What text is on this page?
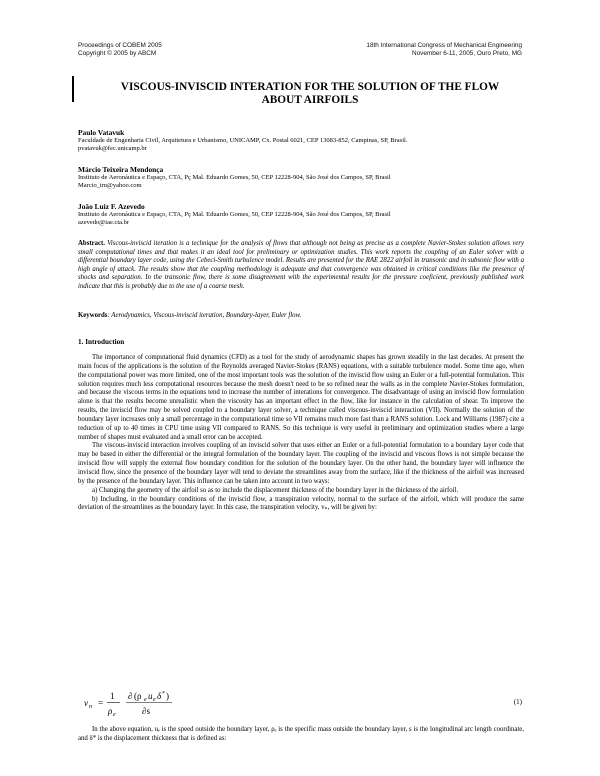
Proceedings of COBEM 2005
Copyright © 2005 by ABCM
18th International Congress of Mechanical Engineering
November 6-11, 2005, Ouro Preto, MG
VISCOUS-INVISCID INTERATION FOR THE SOLUTION OF THE FLOW
ABOUT AIRFOILS
Paulo Vatavuk
Faculdade de Engenharia Civil, Arquitetura e Urbanismo, UNICAMP, Cx. Postal 6021, CEP 13083-852, Campinas, SP, Brasil.
pvatavuk@fec.unicamp.br
Márcio Teixeira Mendonça
Instituto de Aeronáutica e Espaço, CTA, Pç Mal. Eduardo Gomes, 50, CEP 12228-904, São José dos Campos, SP, Brasil
Marcio_tm@yahoo.com
João Luiz F. Azevedo
Instituto de Aeronáutica e Espaço, CTA, Pç Mal. Eduardo Gomes, 50, CEP 12228-904, São José dos Campos, SP, Brasil
azevedo@iae.cta.br
Abstract. Viscous-inviscid iteration is a technique for the analysis of flows that although not being as precise as a complete Navier-Stokes solution allows very small computational times and that makes it an ideal tool for preliminary or optimization studies. This work reports the coupling of an Euler solver with a differential boundary layer code, using the Cebeci-Smith turbulence model. Results are presented for the RAE 2822 airfoil in transonic and in subsonic flow with a high angle of attack. The results show that the coupling methodology is adequate and that convergence was obtained in critical conditions like the presence of shocks and separation. In the transonic flow, there is some disagreement with the experimental results for the pressure coeficient, previously published work indicate that this is probably due to the use of a coarse mesh.
Keywords: Aerodynamics, Viscous-inviscid iteration, Boundary-layer, Euler flow.
1. Introduction

The importance of computational fluid dynamics (CFD) as a tool for the study of aerodynamic shapes has grown steadily in the last decades. At present the main focus of the applications is the solution of the Reynolds averaged Navier-Stokes (RANS) equations, with a suitable turbulence model. Some time ago, when the computational power was more limited, one of the most important tools was the solution of the inviscid flow using an Euler or a full-potential formulation. This solution requires much less computational resources because the mesh doesn't need to be so refined near the walls as in the complete Navier-Stokes formulation, and because the viscous terms in the equations tend to increase the number of interations for convergence. The disadvantage of using an inviscid flow formulation alone is that the results become unrealistic when the viscosity has an important effect in the flow, like for instance in the calculation of shear. To improve the results, the inviscid flow may be solved coupled to a boundary layer solver, a technique called viscous-inviscid interaction (VII). Normally the solution of the boundary layer increases only a small percentage in the computational time so VII remains much more fast than a RANS solution. Lock and Williams (1987) cite a reduction of up to 40 times in CPU time using VII compared to RANS. So this technique is very useful in preliminary and optimization studies where a large number of shapes must evaluated and a small error can be accepted.

The viscous-inviscid interaction involves coupling of an inviscid solver that uses either an Euler or a full-potential formulation to a boundary layer code that may be based in either the differential or the integral formulation of the boundary layer. The coupling of the inviscid and viscous flows is not simple because the inviscid flow will supply the external flow boundary condition for the solution of the boundary layer. On the other hand, the boundary layer will influence the inviscid flow, since the presence of the boundary layer will tend to deviate the streamlines away from the surface, like if the thickness of the airfoil was increased by the presence of the boundary layer. This influence can be taken into account in two ways:

a) Changing the geometry of the airfoil so as to include the displacement thickness of the boundary layer in the thickness of the airfoil.

b) Including, in the boundary conditions of the inviscid flow, a transpiration velocity, normal to the surface of the airfoil, which will produce the same deviation of the streamlines as the boundary layer. In this case, the transpiration velocity, vₙ, will be given by:

v n =
1
ρ e
∂ (ρ e u e δ * )
∂s
(1)

In the above equation, uₑ is the speed outside the boundary layer, ρₑ is the specific mass outside the boundary layer, s is the longitudinal arc length coordinate, and δ* is the displacement thickness that is defined as:
